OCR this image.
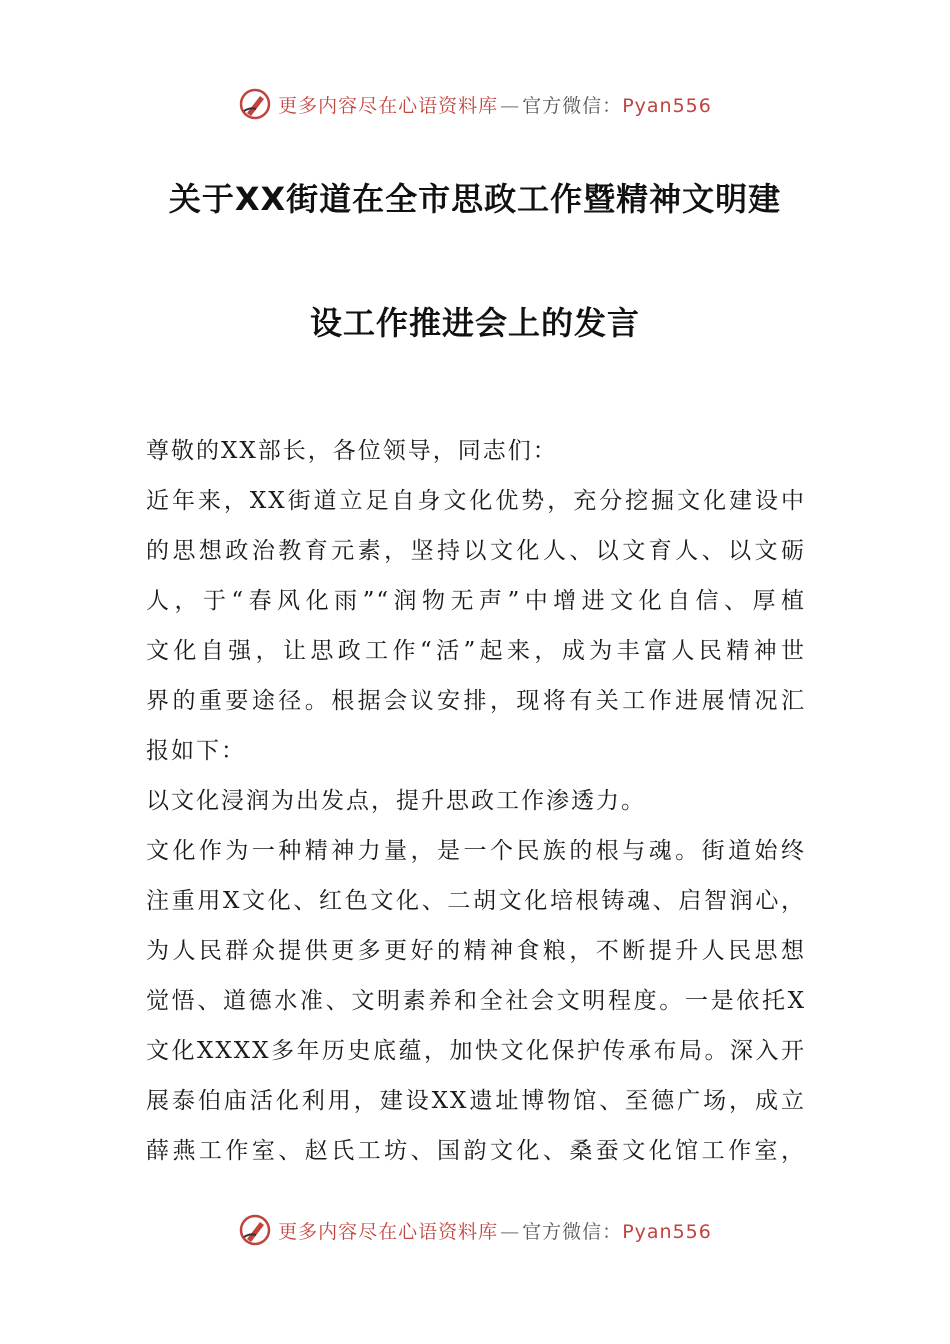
更多内容尽在心语资料库 — 官方微信：Pyan556
关于XX街道在全市思政工作暨精神文明建
设工作推进会上的发言
尊敬的XX部长，各位领导，同志们：
近年来，XX街道立足自身文化优势，充分挖掘文化建设中
的思想政治教育元素，坚持以文化人、以文育人、以文砺
人，于“春风化雨”“润物无声”中增进文化自信、厚植
文化自强，让思政工作“活”起来，成为丰富人民精神世
界的重要途径。根据会议安排，现将有关工作进展情况汇
报如下：
以文化浸润为出发点，提升思政工作渗透力。
文化作为一种精神力量，是一个民族的根与魂。街道始终
注重用X文化、红色文化、二胡文化培根铸魂、启智润心，
为人民群众提供更多更好的精神食粮，不断提升人民思想
觉悟、道德水准、文明素养和全社会文明程度。一是依托X
文化XXXX多年历史底蕴，加快文化保护传承布局。深入开
展泰伯庙活化利用，建设XX遗址博物馆、至德广场，成立
薛燕工作室、赵氏工坊、国韵文化、桑蚕文化馆工作室，
更多内容尽在心语资料库 — 官方微信：Pyan556
